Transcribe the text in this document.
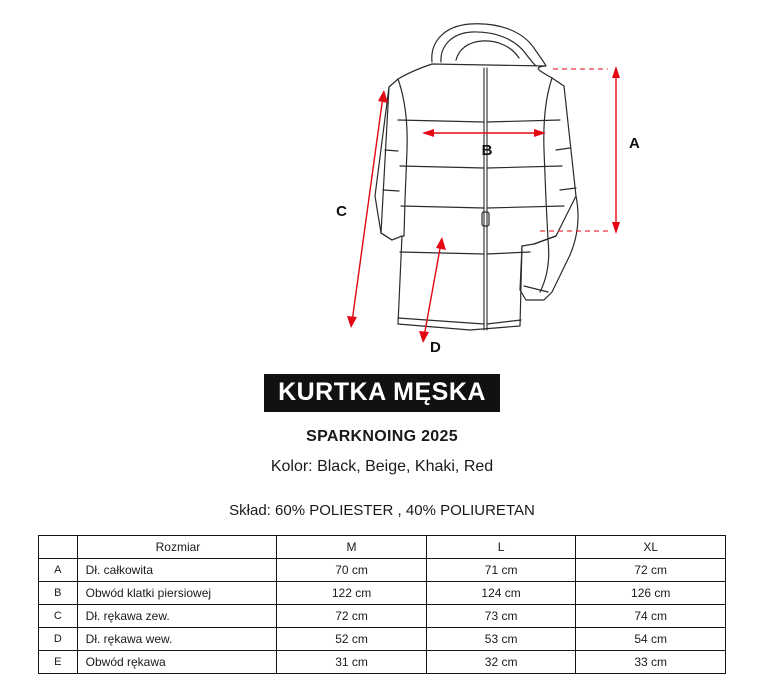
A
B
C
D
KURTKA MĘSKA
SPARKNOING 2025
Kolor: Black, Beige, Khaki, Red
Skład: 60% POLIESTER , 40% POLIURETAN
	Rozmiar	M	L	XL
A	Dł. całkowita	70 cm	71 cm	72 cm
B	Obwód klatki piersiowej	122 cm	124 cm	126 cm
C	Dł. rękawa zew.	72 cm	73 cm	74 cm
D	Dł. rękawa wew.	52 cm	53 cm	54 cm
E	Obwód rękawa	31 cm	32 cm	33 cm
